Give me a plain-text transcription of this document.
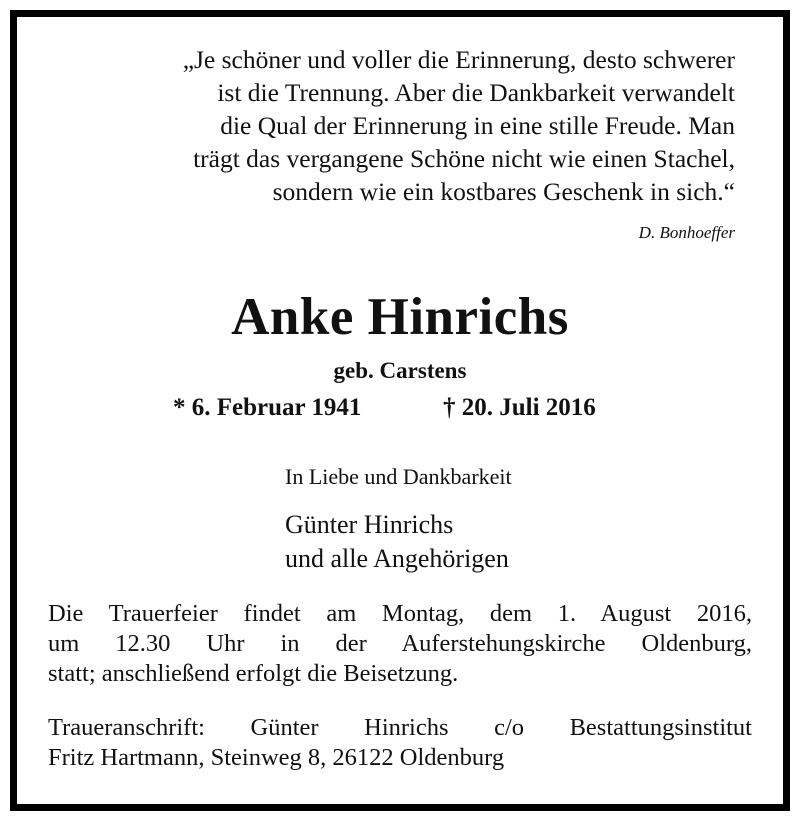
„Je schöner und voller die Erinnerung, desto schwerer
ist die Trennung. Aber die Dankbarkeit verwandelt
die Qual der Erinnerung in eine stille Freude. Man
trägt das vergangene Schöne nicht wie einen Stachel,
sondern wie ein kostbares Geschenk in sich.“
D. Bonhoeffer
Anke Hinrichs
geb. Carstens
* 6. Februar 1941	† 20. Juli 2016
In Liebe und Dankbarkeit
Günter Hinrichs
und alle Angehörigen
Die Trauerfeier findet am Montag, dem 1. August 2016,
um 12.30 Uhr in der Auferstehungskirche Oldenburg,
statt; anschließend erfolgt die Beisetzung.
Traueranschrift: Günter Hinrichs c/o Bestattungsinstitut
Fritz Hartmann, Steinweg 8, 26122 Oldenburg
